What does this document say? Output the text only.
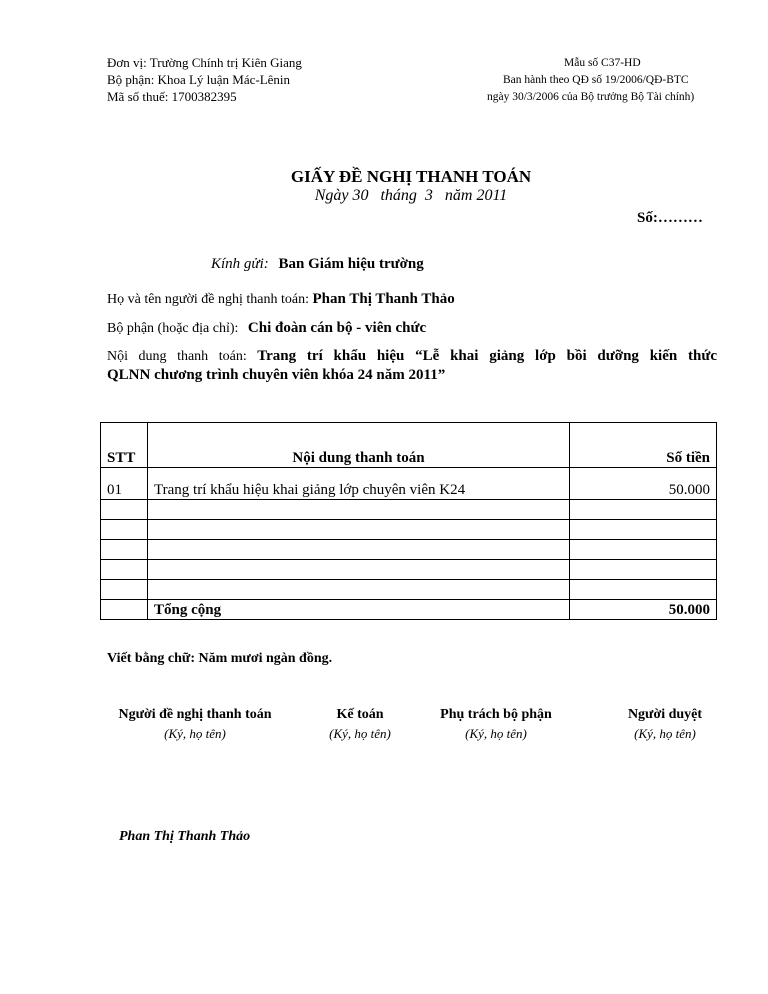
Đơn vị: Trường Chính trị Kiên Giang
Bộ phận: Khoa Lý luận Mác-Lênin
Mã số thuế: 1700382395
Mẫu số C37-HD
Ban hành theo QĐ số 19/2006/QĐ-BTC
ngày 30/3/2006 của Bộ trưởng Bộ Tài chính)
GIẤY ĐỀ NGHỊ THANH TOÁN
Ngày 30   tháng  3   năm 2011
Số:………
Kính gửi: Ban Giám hiệu trường
Họ và tên người đề nghị thanh toán: Phan Thị Thanh Thảo
Bộ phận (hoặc địa chỉ): Chi đoàn cán bộ - viên chức
Nội dung thanh toán: Trang trí khẩu hiệu “Lễ khai giảng lớp bồi dưỡng kiến thức
QLNN chương trình chuyên viên khóa 24 năm 2011”
STT	Nội dung thanh toán	Số tiền
01	Trang trí khẩu hiệu khai giảng lớp chuyên viên K24	50.000

	Tổng cộng	50.000
Viết bằng chữ: Năm mươi ngàn đồng.
Người đề nghị thanh toán
(Ký, họ tên)
Kế toán
(Ký, họ tên)
Phụ trách bộ phận
(Ký, họ tên)
Người duyệt
(Ký, họ tên)
Phan Thị Thanh Thảo
